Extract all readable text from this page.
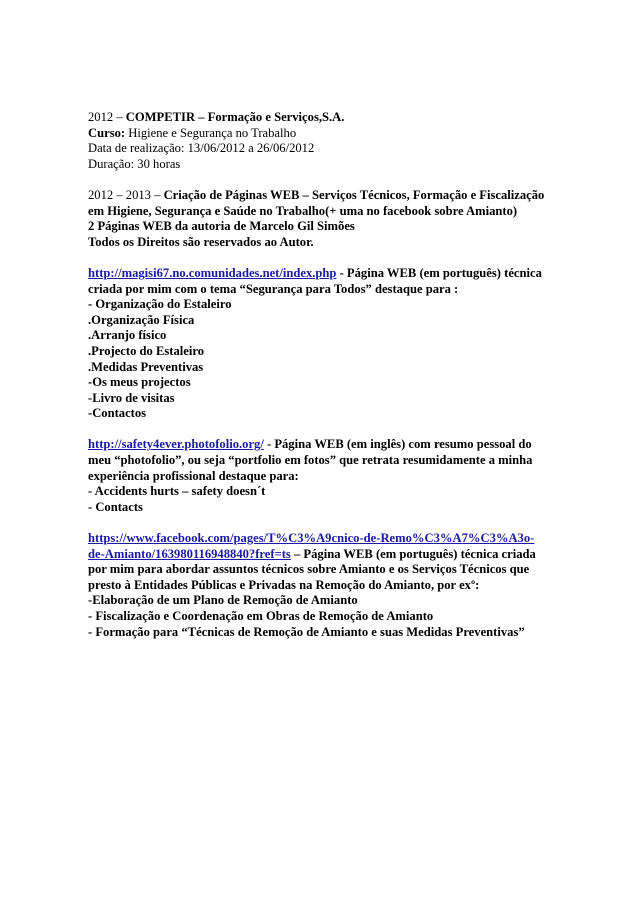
2012 – COMPETIR – Formação e Serviços,S.A.
Curso: Higiene e Segurança no Trabalho
Data de realização: 13/06/2012 a 26/06/2012
Duração: 30 horas
2012 – 2013 – Criação de Páginas WEB – Serviços Técnicos, Formação e Fiscalização
em Higiene, Segurança e Saúde no Trabalho(+ uma no facebook sobre Amianto)
2 Páginas WEB da autoria de Marcelo Gil Simões
Todos os Direitos são reservados ao Autor.
http://magisi67.no.comunidades.net/index.php - Página WEB (em português) técnica
criada por mim com o tema “Segurança para Todos” destaque para :
- Organização do Estaleiro
.Organização Física
.Arranjo físico
.Projecto do Estaleiro
.Medidas Preventivas
-Os meus projectos
-Livro de visitas
-Contactos
http://safety4ever.photofolio.org/ - Página WEB (em inglês) com resumo pessoal do
meu “photofolio”, ou seja “portfolio em fotos” que retrata resumidamente a minha
experiência profissional destaque para:
- Accidents hurts – safety doesn´t
- Contacts
https://www.facebook.com/pages/T%C3%A9cnico-de-Remo%C3%A7%C3%A3o-
de-Amianto/163980116948840?fref=ts – Página WEB (em português) técnica criada
por mim para abordar assuntos técnicos sobre Amianto e os Serviços Técnicos que
presto à Entidades Públicas e Privadas na Remoção do Amianto, por exº:
-Elaboração de um Plano de Remoção de Amianto
- Fiscalização e Coordenação em Obras de Remoção de Amianto
- Formação para “Técnicas de Remoção de Amianto e suas Medidas Preventivas”
